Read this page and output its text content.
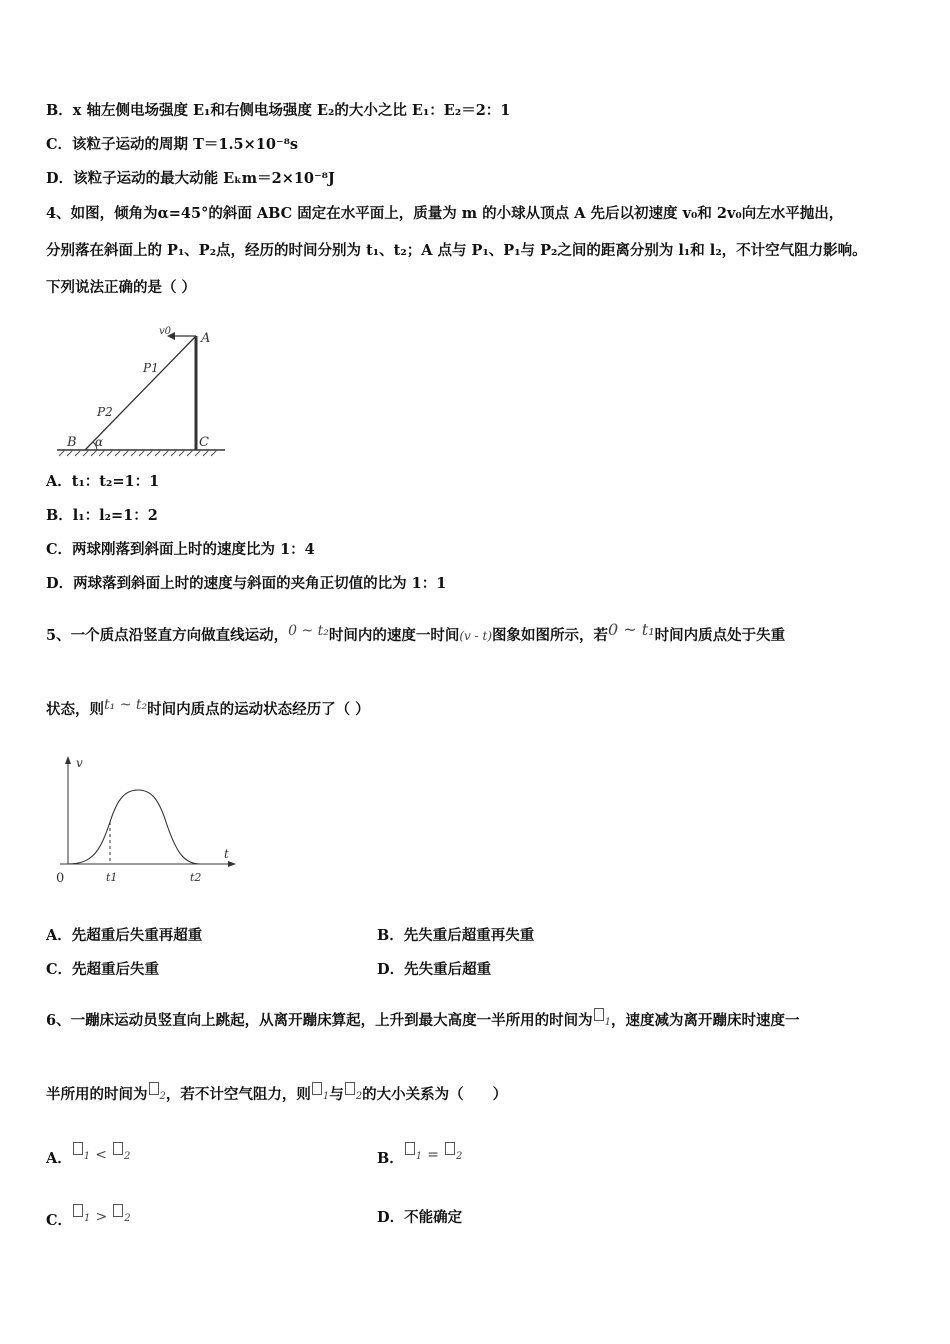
B．x 轴左侧电场强度 E₁和右侧电场强度 E₂的大小之比 E₁：E₂＝2：1
C．该粒子运动的周期 T＝1.5×10⁻⁸s
D．该粒子运动的最大动能 Eₖm＝2×10⁻⁸J
4、如图，倾角为α=45°的斜面 ABC 固定在水平面上，质量为 m 的小球从顶点 A 先后以初速度 v₀和 2v₀向左水平抛出，
分别落在斜面上的 P₁、P₂点，经历的时间分别为 t₁、t₂；A 点与 P₁、P₁与 P₂之间的距离分别为 l₁和 l₂，不计空气阻力影响。
下列说法正确的是（ ）
v0 A
P1
P2
B α	C
A．t₁：t₂=1：1
B．l₁：l₂=1：2
C．两球刚落到斜面上时的速度比为 1：4
D．两球落到斜面上时的速度与斜面的夹角正切值的比为 1：1
5、一个质点沿竖直方向做直线运动，0 ~ t₂时间内的速度一时间(v - t)图象如图所示，若0 ~ t₁时间内质点处于失重
状态，则t₁ ~ t₂时间内质点的运动状态经历了（ ）
v
t
0	t1	t2
A．先超重后失重再超重	B．先失重后超重再失重
C．先超重后失重	D．先失重后超重
6、一蹦床运动员竖直向上跳起，从离开蹦床算起，上升到最大高度一半所用的时间为 1，速度减为离开蹦床时速度一
半所用的时间为 2，若不计空气阻力，则 1与 2的大小关系为（　　）
A． 1 < 2	B． 1 = 2
C． 1 > 2	D．不能确定
